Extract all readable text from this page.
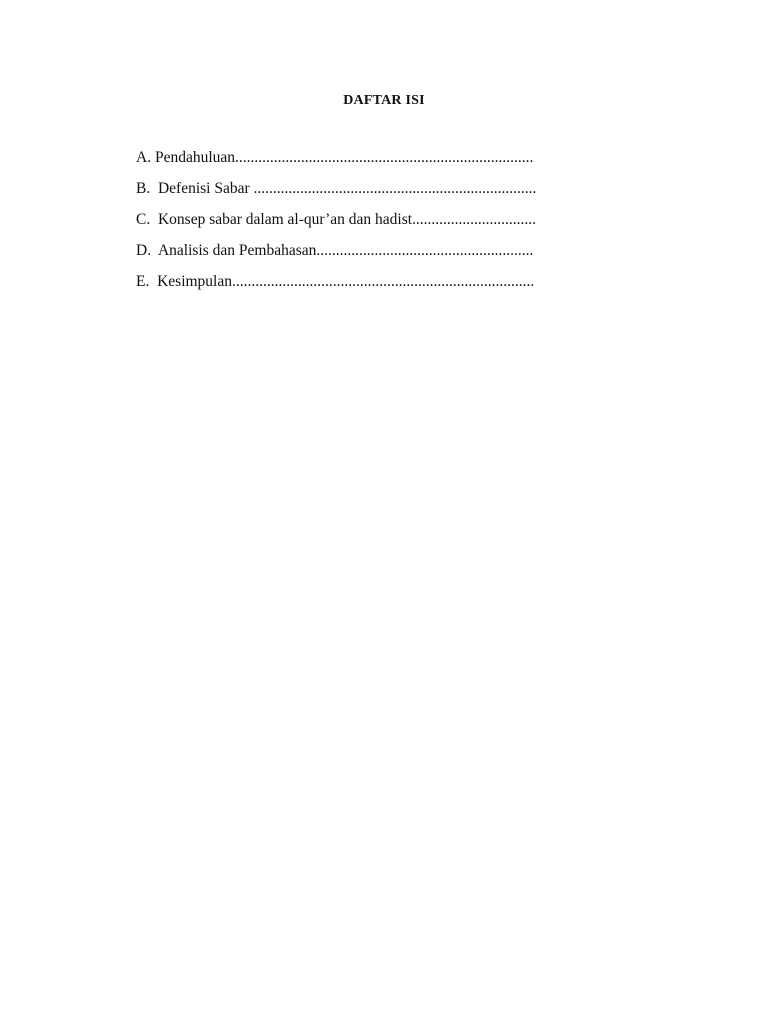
DAFTAR ISI
A. Pendahuluan.............................................................................
B.  Defenisi Sabar .........................................................................
C.  Konsep sabar dalam al-qur’an dan hadist................................
D.  Analisis dan Pembahasan........................................................
E.  Kesimpulan..............................................................................
